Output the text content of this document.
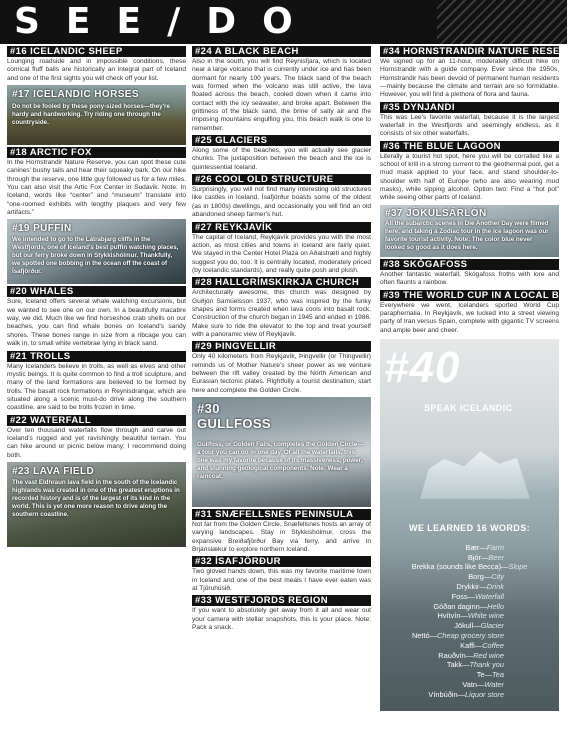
SEE/DO
#16 ICELANDIC SHEEP

Lounging roadside and in impossible conditions, these comical fluff balls are historically an integral part of Iceland and one of the first sights you will check off your list.

#17 ICELANDIC HORSES
Do not be fooled by these pony-sized horses—they're hardy and hardworking. Try riding one through the countryside.
#18 ARCTIC FOX

In the Hornstrandir Nature Reserve, you can spot these cute canines' bushy tails and hear their squeaky bark. On our hike through the reserve, one little guy followed us for a few miles. You can also visit the Artic Fox Center in Sudavik. Note: In Iceland, words like “center” and “museum” translate into “one-roomed exhibits with lengthy plaques and very few artifacts.”

#19 PUFFIN
We intended to go to the Látrabjarg cliffs in the Westfjords, one of Iceland's best puffin watching places, but our ferry broke down in Stykkishólmur. Thankfully, we spotted one bobbing in the ocean off the coast of Ísafjörður.
#20 WHALES

Sure, Iceland offers several whale watching excursions, but we wanted to see one on our own. In a beautifully macabre way, we did. Much like we find horseshoe crab shells on our beaches, you can find whale bones on Iceland's sandy shores. These bones range in size from a ribcage you can walk in, to small white vertebrae lying in black sand.

#21 TROLLS

Many Icelanders believe in trolls, as well as elves and other mystic beings. It is quite common to find a troll sculpture, and many of the land formations are believed to be formed by trolls. The basalt rock formations in Reynisdrangar, which are situated along a scenic must-do drive along the southern coastline, are said to be trolls frozen in time.

#22 WATERFALL

Over ten thousand waterfalls flow through and carve out Iceland's rugged and yet ravishingly beautiful terrain. You can hike around or picnic below many; I recommend doing both.

#23 LAVA FIELD
The vast Eldhraun lava field in the south of the Icelandic highlands was created in one of the greatest eruptions in recorded history and is of the largest of its kind in the world. This is yet one more reason to drive along the southern coastline.
#24 A BLACK BEACH

Also in the south, you will find Reynisfjara, which is located near a large volcano that is currently under ice and has been dormant for nearly 100 years. The black sand of the beach was formed when the volcano was still active, the lava floated across the beach, cooled down when it came into contact with the icy seawater, and broke apart. Between the grittiness of the black sand, the brine of salty air and the imposing mountains engulfing you, this beach walk is one to remember.

#25 GLACIERS

Along some of the beaches, you will actually see glacier chunks. The juxtaposition between the beach and the ice is quintessential Iceland.

#26 COOL OLD STRUCTURE

Surprisingly, you will not find many interesting old structures like castles in Iceland. Ísafjörður boasts some of the oldest (as in 1800s) dwellings, and occasionally you will find an old abandoned sheep farmer's hut.

#27 REYKJAVÍK

The capital of Iceland, Reykjavík provides you with the most action, as most cities and towns in Iceland are fairly quiet. We stayed in the Center Hotel Plaza on Aðalstræti and highly suggest you do, too. It is centrally located, moderately priced (by Icelandic standards), and really quite posh and plush.

#28 HALLGRÍMSKIRKJA CHURCH

Architecturally awesome, this church was designed by Guðjón Samúelsson 1937, who was inspired by the funky shapes and forms created when lava cools into basalt rock. Construction of the church began in 1945 and ended in 1986. Make sure to ride the elevator to the top and treat yourself with a panoramic view of Reykjavík.

#29 ÞINGVELLIR

Only 40 kilometers from Reykjavík, Þingvellir (or Thingvellir) reminds us of Mother Nature's sheer power as we venture between the rift valley created by the North American and Eurasian tectonic plates. Rightfully a tourist destination, start here and complete the Golden Circle.

#30 GULLFOSS
Gullfoss, or Golden Falls, completes the Golden Circle—a tour you can do in one day. Of all the waterfalls, this one was my favorite because of its massiveness, power, and stunning geological components. Note: Wear a raincoat.
#31 SNÆFELLSNES PENINSULA

Not far from the Golden Circle, Snæfellsnes hosts an array of varying landscapes. Stay in Stykkishólmur, cross the expansive Breiðafjörður Bay via ferry, and arrive in Brjánslækur to explore northern Iceland.

#32 ÍSAFJÖRÐUR

Two gloved hands down, this was my favorite maritime town in Iceland and one of the best meals I have ever eaten was at Tjöruhúsið.

#33 WESTFJORDS REGION

If you want to absolutely get away from it all and wear out your camera with stellar snapshots, this is your place. Note: Pack a snack.

#34 HORNSTRANDIR NATURE RESERVE

We signed up for an 11-hour, moderately difficult hike on Hornstrandir with a guide company. Ever since the 1950s, Hornstrandir has been devoid of permanent human residents—mainly because the climate and terrain are so formidable. However, you will find a plethora of flora and fauna.

#35 DYNJANDI

This was Lee's favorite waterfall, because it is the largest waterfall in the Westfjords and seemingly endless, as it consists of six other waterfalls.

#36 THE BLUE LAGOON

Literally a tourist hot spot, here you will be corralled like a school of krill in a strong current to the geothermal pool, get a mud mask applied to your face, and stand shoulder-to-shoulder with half of Europe (who are also wearing mud masks), while sipping alcohol. Option two: Find a “hot pot” while seeing other parts of Iceland.

#37 JÖKULSÁRLÓN
All the subarctic scenes in Die Another Day were filmed here, and taking a Zodiac tour in the ice lagoon was our favorite tourist activity. Note: The color blue never looked so good as it does here.
#38 SKÓGAFOSS

Another fantastic waterfall, Skógafoss froths with lore and often flaunts a rainbow.

#39 THE WORLD CUP IN A LOCAL BAR

Everywhere we went, Icelanders sported World Cup paraphernalia. In Reykjavík, we lucked into a street viewing party of Iran versus Spain, complete with gigantic TV screens and ample beer and cheer.

#40
SPEAK ICELANDIC
WE LEARNED 16 WORDS:
Bær—Farm
Bjór—Beer
Brekka (sounds like Becca)—Slope
Borg—City
Drykkir—Drink
Foss—Waterfall
Góðan daginn—Hello
Hvítvín—White wine
Jökull—Glacier
Nettó—Cheap grocery store
Kaffi—Coffee
Rauðvín—Red wine
Takk—Thank you
Te—Tea
Vatn—Water
Vínbúðin—Liquor store
